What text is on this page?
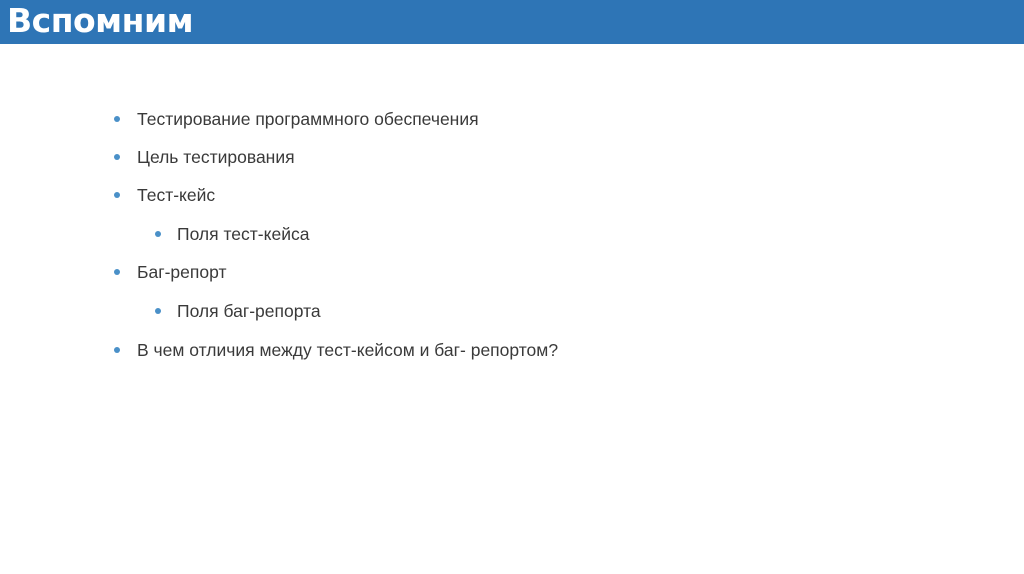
Вспомним
Тестирование программного обеспечения
Цель тестирования
Тест-кейс
Поля тест-кейса
Баг-репорт
Поля баг-репорта
В чем отличия между тест-кейсом и баг- репортом?
